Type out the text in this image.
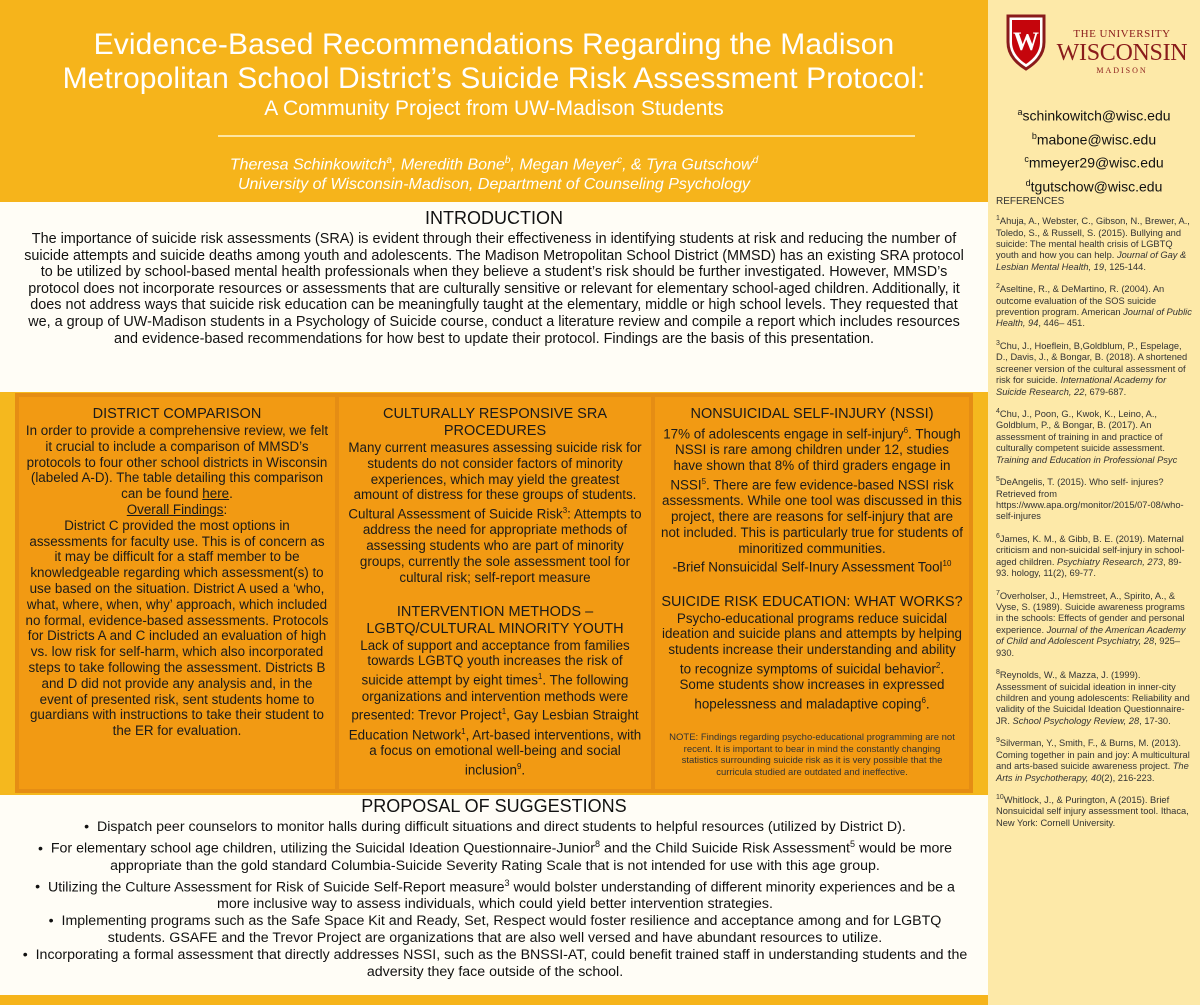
Evidence-Based Recommendations Regarding the Madison
Metropolitan School District’s Suicide Risk Assessment Protocol:
A Community Project from UW-Madison Students
Theresa Schinkowitch$^a$, Meredith Bone$^b$, Megan Meyer$^c$, & Tyra Gutschow$^d$
University of Wisconsin-Madison, Department of Counseling Psychology
W	THE UNIVERSITY
WISCONSIN
MADISON
$^a$schinkowitch@wisc.edu
$^b$mabone@wisc.edu
$^c$mmeyer29@wisc.edu
$^d$tgutschow@wisc.edu
REFERENCES
$^1$Ahuja, A., Webster, C., Gibson, N., Brewer, A., Toledo, S., & Russell, S. (2015). Bullying and suicide: The mental health crisis of LGBTQ youth and how you can help. Journal of Gay & Lesbian Mental Health, 19, 125-144.
$^2$Aseltine, R., & DeMartino, R. (2004). An outcome evaluation of the SOS suicide prevention program. American Journal of Public Health, 94, 446– 451.
$^3$Chu, J., Hoeflein, B,Goldblum, P., Espelage, D., Davis, J., & Bongar, B. (2018). A shortened screener version of the cultural assessment of risk for suicide. International Academy for Suicide Research, 22, 679-687.
$^4$Chu, J., Poon, G., Kwok, K., Leino, A., Goldblum, P., & Bongar, B. (2017). An assessment of training in and practice of culturally competent suicide assessment. Training and Education in Professional Psyc
$^5$DeAngelis, T. (2015). Who self- injures? Retrieved from https://www.apa.org/monitor/2015/07-08/who-self-injures
$^6$James, K. M., & Gibb, B. E. (2019). Maternal criticism and non-suicidal self-injury in school-aged children. Psychiatry Research, 273, 89-93. hology, 11(2), 69-77.
$^7$Overholser, J., Hemstreet, A., Spirito, A., & Vyse, S. (1989). Suicide awareness programs in the schools: Effects of gender and personal experience. Journal of the American Academy of Child and Adolescent Psychiatry, 28, 925– 930.
$^8$Reynolds, W., & Mazza, J. (1999). Assessment of suicidal ideation in inner-city children and young adolescents: Reliability and validity of the Suicidal Ideation Questionnaire-JR. School Psychology Review, 28, 17-30.
$^9$Silverman, Y., Smith, F., & Burns, M. (2013). Coming together in pain and joy: A multicultural and arts-based suicide awareness project. The Arts in Psychotherapy, 40(2), 216-223.
$^{10}$Whitlock, J., & Purington, A (2015). Brief Nonsuicidal self injury assessment tool. Ithaca, New York: Cornell University.
INTRODUCTION
The importance of suicide risk assessments (SRA) is evident through their effectiveness in identifying students at risk and reducing the number of suicide attempts and suicide deaths among youth and adolescents. The Madison Metropolitan School District (MMSD) has an existing SRA protocol to be utilized by school-based mental health professionals when they believe a student’s risk should be further investigated. However, MMSD’s protocol does not incorporate resources or assessments that are culturally sensitive or relevant for elementary school-aged children. Additionally, it does not address ways that suicide risk education can be meaningfully taught at the elementary, middle or high school levels. They requested that we, a group of UW-Madison students in a Psychology of Suicide course, conduct a literature review and compile a report which includes resources and evidence-based recommendations for how best to update their protocol. Findings are the basis of this presentation.
DISTRICT COMPARISON

In order to provide a comprehensive review, we felt it crucial to include a comparison of MMSD’s protocols to four other school districts in Wisconsin (labeled A-D). The table detailing this comparison can be found here.

Overall Findings:

District C provided the most options in assessments for faculty use. This is of concern as it may be difficult for a staff member to be knowledgeable regarding which assessment(s) to use based on the situation. District A used a ‘who, what, where, when, why’ approach, which included no formal, evidence-based assessments. Protocols for Districts A and C included an evaluation of high vs. low risk for self-harm, which also incorporated steps to take following the assessment. Districts B and D did not provide any analysis and, in the event of presented risk, sent students home to guardians with instructions to take their student to the ER for evaluation.

CULTURALLY RESPONSIVE SRA PROCEDURES

Many current measures assessing suicide risk for students do not consider factors of minority experiences, which may yield the greatest amount of distress for these groups of students. Cultural Assessment of Suicide Risk$^3$: Attempts to address the need for appropriate methods of assessing students who are part of minority groups, currently the sole assessment tool for cultural risk; self-report measure

INTERVENTION METHODS – LGBTQ/CULTURAL MINORITY YOUTH

Lack of support and acceptance from families towards LGBTQ youth increases the risk of suicide attempt by eight times$^1$. The following organizations and intervention methods were presented: Trevor Project$^1$, Gay Lesbian Straight Education Network$^1$, Art-based interventions, with a focus on emotional well-being and social inclusion$^9$.

NONSUICIDAL SELF-INJURY (NSSI)

17% of adolescents engage in self-injury$^6$. Though NSSI is rare among children under 12, studies have shown that 8% of third graders engage in NSSI$^5$. There are few evidence-based NSSI risk assessments. While one tool was discussed in this project, there are reasons for self-injury that are not included. This is particularly true for students of minoritized communities.

-Brief Nonsuicidal Self-Inury Assessment Tool$^{10}$

SUICIDE RISK EDUCATION: WHAT WORKS?

Psycho-educational programs reduce suicidal ideation and suicide plans and attempts by helping students increase their understanding and ability to recognize symptoms of suicidal behavior$^2$. Some students show increases in expressed hopelessness and maladaptive coping$^6$.

NOTE: Findings regarding psycho-educational programming are not recent. It is important to bear in mind the constantly changing statistics surrounding suicide risk as it is very possible that the curricula studied are outdated and ineffective.

PROPOSAL OF SUGGESTIONS
•  Dispatch peer counselors to monitor halls during difficult situations and direct students to helpful resources (utilized by District D).
•  For elementary school age children, utilizing the Suicidal Ideation Questionnaire-Junior$^8$ and the Child Suicide Risk Assessment$^5$ would be more appropriate than the gold standard Columbia-Suicide Severity Rating Scale that is not intended for use with this age group.
•  Utilizing the Culture Assessment for Risk of Suicide Self-Report measure$^3$ would bolster understanding of different minority experiences and be a more inclusive way to assess individuals, which could yield better intervention strategies.
•  Implementing programs such as the Safe Space Kit and Ready, Set, Respect would foster resilience and acceptance among and for LGBTQ students. GSAFE and the Trevor Project are organizations that are also well versed and have abundant resources to utilize.
•  Incorporating a formal assessment that directly addresses NSSI, such as the BNSSI-AT, could benefit trained staff in understanding students and the adversity they face outside of the school.
